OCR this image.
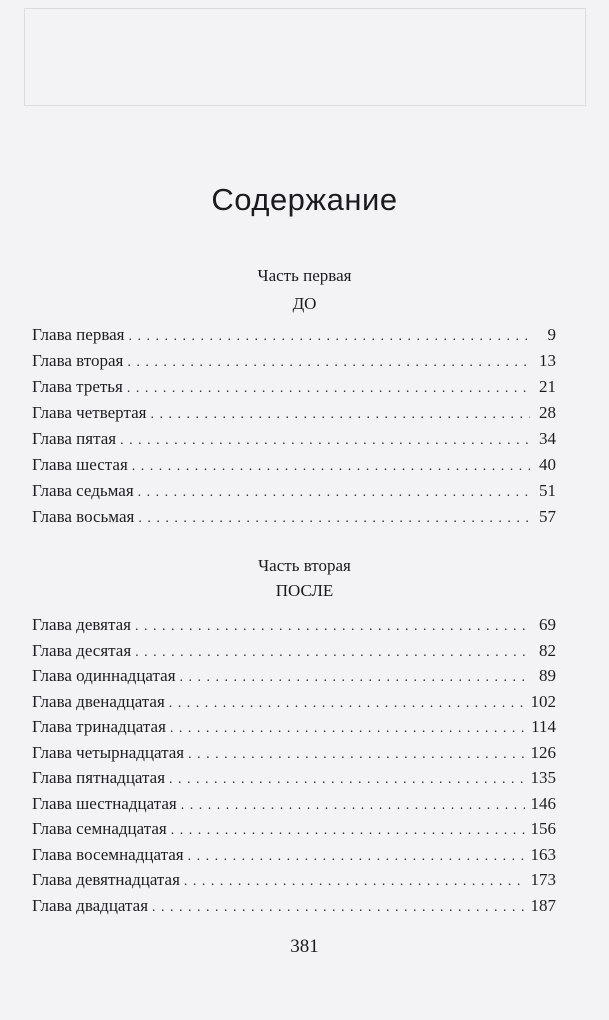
Содержание
Часть первая
ДО
Глава первая . . .	9
Глава вторая . . .	13
Глава третья . . .	21
Глава четвертая . . .	28
Глава пятая . . .	34
Глава шестая . . .	40
Глава седьмая . . .	51
Глава восьмая . . .	57
Часть вторая
ПОСЛЕ
Глава девятая . . .	69
Глава десятая . . .	82
Глава одиннадцатая . . .	89
Глава двенадцатая . . .	102
Глава тринадцатая . . .	114
Глава четырнадцатая . . .	126
Глава пятнадцатая . . .	135
Глава шестнадцатая . . .	146
Глава семнадцатая . . .	156
Глава восемнадцатая . . .	163
Глава девятнадцатая . . .	173
Глава двадцатая . . .	187
381
